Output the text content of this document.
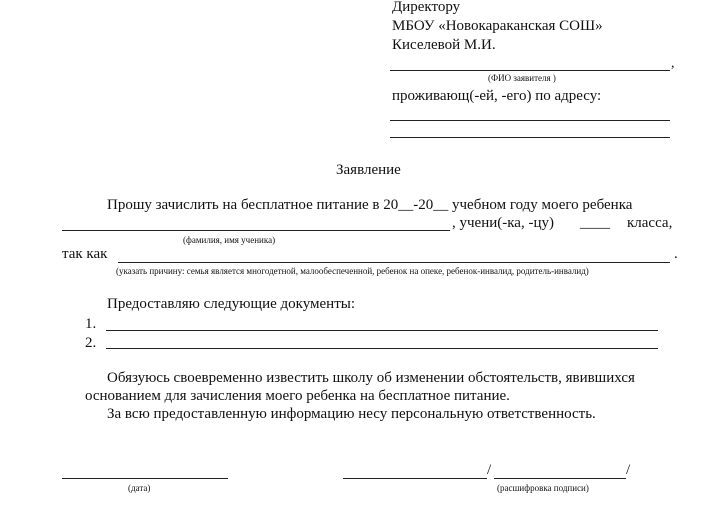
Директору
МБОУ «Новокараканская СОШ»
Киселевой М.И.
,
(ФИО заявителя )
проживающ(-ей, -его) по адресу:
Заявление
Прошу зачислить на бесплатное питание в 20__-20__ учебном году моего ребенка
, учени(-ка, -цу) ____ класса,
(фамилия, имя ученика)
так как	.
(указать причину: семья является многодетной, малообеспеченной, ребенок на опеке, ребенок-инвалид, родитель-инвалид)
Предоставляю следующие документы:
1.
2.
Обязуюсь своевременно известить школу об изменении обстоятельств, явившихся
основанием для зачисления моего ребенка на бесплатное питание.
За всю предоставленную информацию несу персональную ответственность.
(дата)
/	/
(расшифровка подписи)
